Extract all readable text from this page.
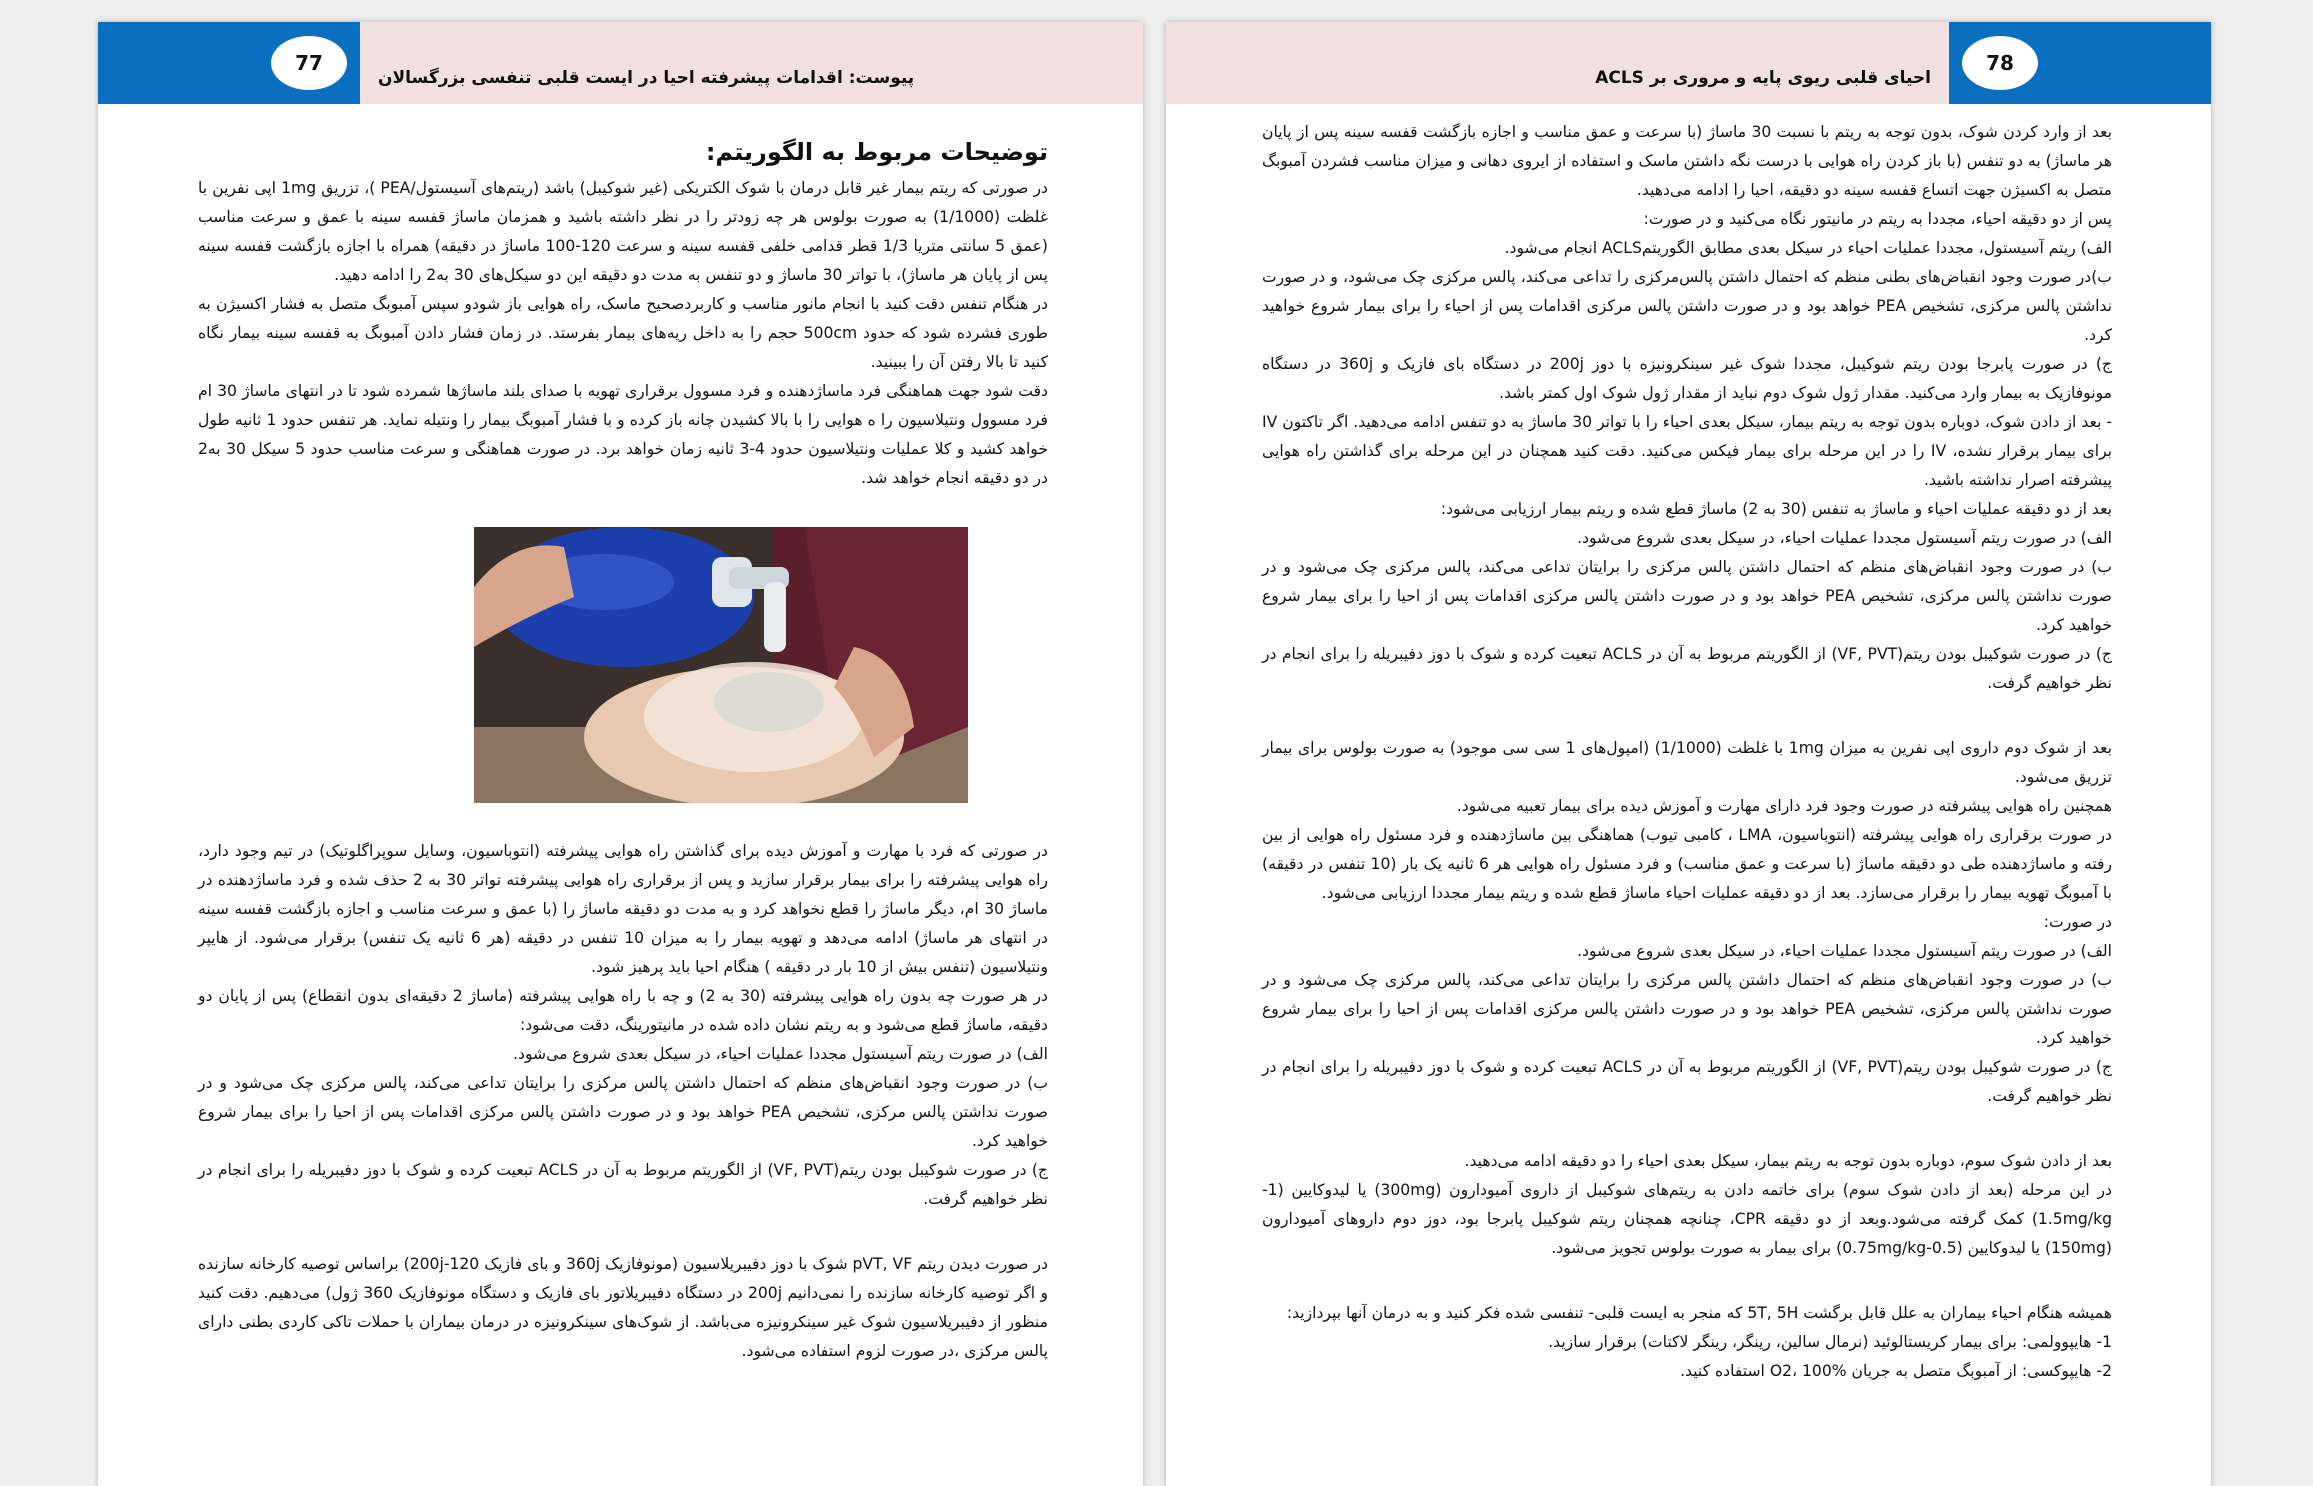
77
پیوست: اقدامات پیشرفته احیا در ایست قلبی تنفسی بزرگسالان
توضیحات مربوط به الگوریتم:

در صورتی که ریتم بیمار غیر قابل درمان با شوک الکتریکی (غیر شوکیبل) باشد (ریتم‌های آسیستول/PEA )، تزریق 1mg اپی نفرین با غلظت (1/1000) به صورت بولوس هر چه زودتر را در نظر داشته باشید و همزمان ماساژ قفسه سینه با عمق و سرعت مناسب (عمق 5 سانتی متریا 1/3 قطر قدامی خلفی قفسه سینه و سرعت 120-100 ماساژ در دقیقه) همراه با اجازه بازگشت قفسه سینه پس از پایان هر ماساژ)، با تواتر 30 ماساژ و دو تنفس به مدت دو دقیقه این دو سیکل‌های 30 به2 را ادامه دهید.

در هنگام تنفس دقت کنید با انجام مانور مناسب و کاربردصحیح ماسک، راه هوایی باز شودو سپس آمبوبگ متصل به فشار اکسیژن به طوری فشرده شود که حدود 500cm حجم را به داخل ریه‌های بیمار بفرستد. در زمان فشار دادن آمبوبگ به قفسه سینه بیمار نگاه کنید تا بالا رفتن آن را ببینید.

دقت شود جهت هماهنگی فرد ماساژدهنده و فرد مسوول برقراری تهویه با صدای بلند ماساژها شمرده شود تا در انتهای ماساژ 30 ام فرد مسوول ونتیلاسیون را ه هوایی را با بالا کشیدن چانه باز کرده و با فشار آمبوبگ بیمار را ونتیله نماید. هر تنفس حدود 1 ثانیه طول خواهد کشید و کلا عملیات ونتیلاسیون حدود 4-3 ثانیه زمان خواهد برد. در صورت هماهنگی و سرعت مناسب حدود 5 سیکل 30 به2 در دو دقیقه انجام خواهد شد.

در صورتی که فرد با مهارت و آموزش دیده برای گذاشتن راه هوایی پیشرفته (انتوباسیون، وسایل سوپراگلوتیک) در تیم وجود دارد، راه هوایی پیشرفته را برای بیمار برقرار سازید و پس از برقراری راه هوایی پیشرفته تواتر 30 به 2 حذف شده و فرد ماساژدهنده در ماساژ 30 ام، دیگر ماساژ را قطع نخواهد کرد و به مدت دو دقیقه ماساژ را (با عمق و سرعت مناسب و اجازه بازگشت قفسه سینه در انتهای هر ماساژ) ادامه می‌دهد و تهویه بیمار را به میزان 10 تنفس در دقیقه (هر 6 ثانیه یک تنفس) برقرار می‌شود. از هایپر ونتیلاسیون (تنفس بیش از 10 بار در دقیقه ) هنگام احیا باید پرهیز شود.

در هر صورت چه بدون راه هوایی پیشرفته (30 به 2) و چه با راه هوایی پیشرفته (ماساژ 2 دقیقه‌ای بدون انقطاع) پس از پایان دو دقیقه، ماساژ قطع می‌شود و به ریتم نشان داده شده در مانیتورینگ، دقت می‌شود:

الف) در صورت ریتم آسیستول مجددا عملیات احیاء، در سیکل بعدی شروع می‌شود.

ب) در صورت وجود انقباض‌های منظم که احتمال داشتن پالس مرکزی را برایتان تداعی می‌کند، پالس مرکزی چک می‌شود و در صورت نداشتن پالس مرکزی، تشخیص PEA خواهد بود و در صورت داشتن پالس مرکزی اقدامات پس از احیا را برای بیمار شروع خواهید کرد.

ج) در صورت شوکیبل بودن ریتم(VF, PVT) از الگوریتم مربوط به آن در ACLS تبعیت کرده و شوک با دوز دفیبریله را برای انجام در نظر خواهیم گرفت.

در صورت دیدن ریتم pVT, VF شوک با دوز دفیبریلاسیون (مونوفازیک 360j و بای فازیک 200j-120) براساس توصیه کارخانه سازنده و اگر توصیه کارخانه سازنده را نمی‌دانیم 200j در دستگاه دفیبریلاتور بای فازیک و دستگاه مونوفازیک 360 ژول) می‌دهیم. دقت کنید منظور از دفیبریلاسیون شوک غیر سینکرونیزه می‌باشد. از شوک‌های سینکرونیزه در درمان بیماران با حملات تاکی کاردی بطنی دارای پالس مرکزی ،در صورت لزوم استفاده می‌شود.

78
احیای قلبی ریوی پایه و مروری بر ACLS

بعد از وارد کردن شوک، بدون توجه به ریتم با نسبت 30 ماساژ (با سرعت و عمق مناسب و اجازه بازگشت قفسه سینه پس از پایان هر ماساژ) به دو تنفس (با باز کردن راه هوایی با درست نگه داشتن ماسک و استفاده از ایروی دهانی و میزان مناسب فشردن آمبوبگ متصل به اکسیژن جهت اتساع قفسه سینه دو دقیقه، احیا را ادامه می‌دهید.

پس از دو دقیقه احیاء، مجددا به ریتم در مانیتور نگاه می‌کنید و در صورت:

الف) ریتم آسیستول، مجددا عملیات احیاء در سیکل بعدی مطابق الگوریتمACLS انجام می‌شود.

ب)در صورت وجود انقباض‌های بطنی منظم که احتمال داشتن پالس‌مرکزی را تداعی می‌کند، پالس مرکزی چک می‌شود، و در صورت نداشتن پالس مرکزی، تشخیص PEA خواهد بود و در صورت داشتن پالس مرکزی اقدامات پس از احیاء را برای بیمار شروع خواهید کرد.

ج) در صورت پابرجا بودن ریتم شوکیبل، مجددا شوک غیر سینکرونیزه با دوز 200j در دستگاه بای فازیک و 360j در دستگاه مونوفازیک به بیمار وارد می‌کنید. مقدار ژول شوک دوم نباید از مقدار ژول شوک اول کمتر باشد.

- بعد از دادن شوک، دوباره بدون توجه به ریتم بیمار، سیکل بعدی احیاء را با تواتر 30 ماساژ به دو تنفس ادامه می‌دهید. اگر تاکتون IV برای بیمار برقرار نشده، IV را در این مرحله برای بیمار فیکس می‌کنید. دقت کنید همچنان در این مرحله برای گذاشتن راه هوایی پیشرفته اصرار نداشته باشید.

بعد از دو دقیقه عملیات احیاء و ماساژ به تنفس (30 به 2) ماساژ قطع شده و ریتم بیمار ارزیابی می‌شود:

الف) در صورت ریتم آسیستول مجددا عملیات احیاء، در سیکل بعدی شروع می‌شود.

ب) در صورت وجود انقباض‌های منظم که احتمال داشتن پالس مرکزی را برایتان تداعی می‌کند، پالس مرکزی چک می‌شود و در صورت نداشتن پالس مرکزی، تشخیص PEA خواهد بود و در صورت داشتن پالس مرکزی اقدامات پس از احیا را برای بیمار شروع خواهید کرد.

ج) در صورت شوکیبل بودن ریتم(VF, PVT) از الگوریتم مربوط به آن در ACLS تبعیت کرده و شوک با دوز دفیبریله را برای انجام در نظر خواهیم گرفت.

بعد از شوک دوم داروی اپی نفرین به میزان 1mg با غلظت (1/1000) (امپول‌های 1 سی سی موجود) به صورت بولوس برای بیمار تزریق می‌شود.

همچنین راه هوایی پیشرفته در صورت وجود فرد دارای مهارت و آموزش دیده برای بیمار تعبیه می‌شود.

در صورت برقراری راه هوایی پیشرفته (انتوباسیون، LMA ، کامبی تیوب) هماهنگی بین ماساژدهنده و فرد مسئول راه هوایی از بین رفته و ماساژدهنده طی دو دقیقه ماساژ (با سرعت و عمق مناسب) و فرد مسئول راه هوایی هر 6 ثانیه یک بار (10 تنفس در دقیقه) با آمبوبگ تهویه بیمار را برقرار می‌سازد. بعد از دو دقیقه عملیات احیاء ماساژ قطع شده و ریتم بیمار مجددا ارزیابی می‌شود.

در صورت:

الف) در صورت ریتم آسیستول مجددا عملیات احیاء، در سیکل بعدی شروع می‌شود.

ب) در صورت وجود انقباض‌های منظم که احتمال داشتن پالس مرکزی را برایتان تداعی می‌کند، پالس مرکزی چک می‌شود و در صورت نداشتن پالس مرکزی، تشخیص PEA خواهد بود و در صورت داشتن پالس مرکزی اقدامات پس از احیا را برای بیمار شروع خواهید کرد.

ج) در صورت شوکیبل بودن ریتم(VF, PVT) از الگوریتم مربوط به آن در ACLS تبعیت کرده و شوک با دوز دفیبریله را برای انجام در نظر خواهیم گرفت.

بعد از دادن شوک سوم، دوباره بدون توجه به ریتم بیمار، سیکل بعدی احیاء را دو دقیقه ادامه می‌دهید.

در این مرحله (بعد از دادن شوک سوم) برای خاتمه دادن به ریتم‌های شوکیبل از داروی آمیودارون (300mg) یا لیدوکایین (1-1.5mg/kg) کمک گرفته می‌شود.وبعد از دو دقیقه CPR، چنانچه همچنان ریتم شوکیبل پابرجا بود، دوز دوم داروهای آمیودارون (150mg) یا لیدوکایین (0.5-0.75mg/kg) برای بیمار به صورت بولوس تجویز می‌شود.

همیشه هنگام احیاء بیماران به علل قابل برگشت 5T, 5H که منجر به ایست قلبی- تنفسی شده فکر کنید و به درمان آنها بپردازید:

1- هایپوولمی: برای بیمار کریستالوئید (نرمال سالین، رینگر، رینگر لاکتات) برقرار سازید.

2- هایپوکسی: از آمبوبگ متصل به جریان O2، 100% استفاده کنید.
